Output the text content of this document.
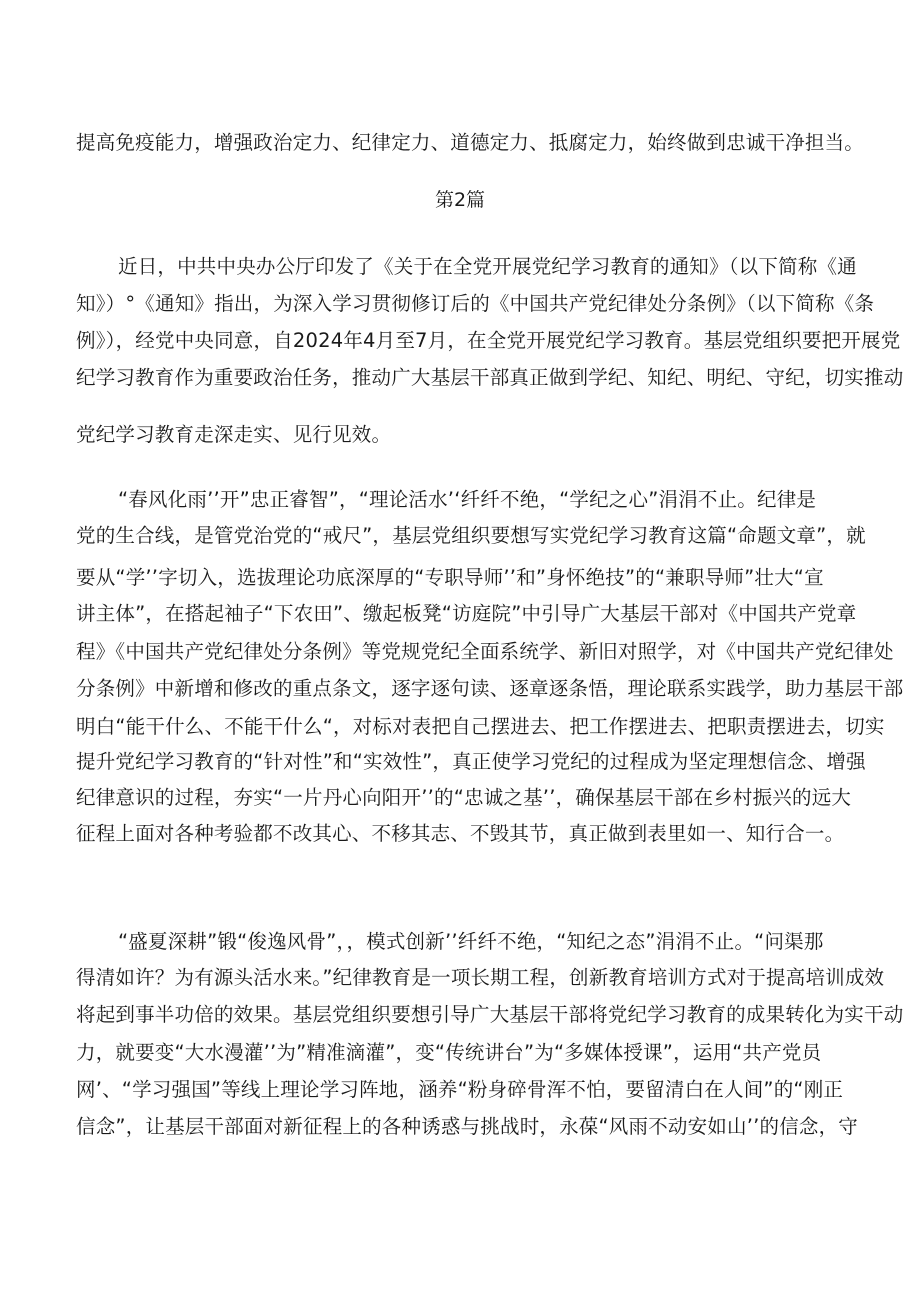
提高免疫能力，增强政治定力、纪律定力、道德定力、抵腐定力，始终做到忠诚干净担当。
第2篇
近日，中共中央办公厅印发了《关于在全党开展党纪学习教育的通知》（以下简称《通
知》）°《通知》指出，为深入学习贯彻修订后的《中国共产党纪律处分条例》（以下简称《条
例》），经党中央同意，自2024年4月至7月，在全党开展党纪学习教育。基层党组织要把开展党
纪学习教育作为重要政治任务，推动广大基层干部真正做到学纪、知纪、明纪、守纪，切实推动
党纪学习教育走深走实、见行见效。
“春风化雨’’开”忠正睿智”，“理论活水’‘纤纤不绝，“学纪之心”涓涓不止。纪律是
党的生合线，是管党治党的“戒尺”，基层党组织要想写实党纪学习教育这篇“命题文章”，就
要从“学’’字切入，选拔理论功底深厚的“专职导师’’和”身怀绝技”的“兼职导师”壮大“宣
讲主体”，在搭起袖子“下农田”、缴起板凳“访庭院”中引导广大基层干部对《中国共产党章
程》《中国共产党纪律处分条例》等党规党纪全面系统学、新旧对照学，对《中国共产党纪律处
分条例》中新增和修改的重点条文，逐字逐句读、逐章逐条悟，理论联系实践学，助力基层干部
明白“能干什么、不能干什么“，对标对表把自己摆进去、把工作摆进去、把职责摆进去，切实
提升党纪学习教育的“针对性”和“实效性”，真正使学习党纪的过程成为坚定理想信念、增强
纪律意识的过程，夯实“一片丹心向阳开’’的“忠诚之基’’，确保基层干部在乡村振兴的远大
征程上面对各种考验都不改其心、不移其志、不毁其节，真正做到表里如一、知行合一。
“盛夏深耕”锻“俊逸风骨”，，模式创新’’纤纤不绝，“知纪之态”涓涓不止。“问渠那
得清如许？为有源头活水来。”纪律教育是一项长期工程，创新教育培训方式对于提高培训成效
将起到事半功倍的效果。基层党组织要想引导广大基层干部将党纪学习教育的成果转化为实干动
力，就要变“大水漫灌’’为”精准滴灌”，变“传统讲台”为“多媒体授课”，运用“共产党员
网’、“学习强国”等线上理论学习阵地，涵养“粉身碎骨浑不怕，要留清白在人间”的“刚正
信念”，让基层干部面对新征程上的各种诱惑与挑战时，永葆“风雨不动安如山’’的信念，守
